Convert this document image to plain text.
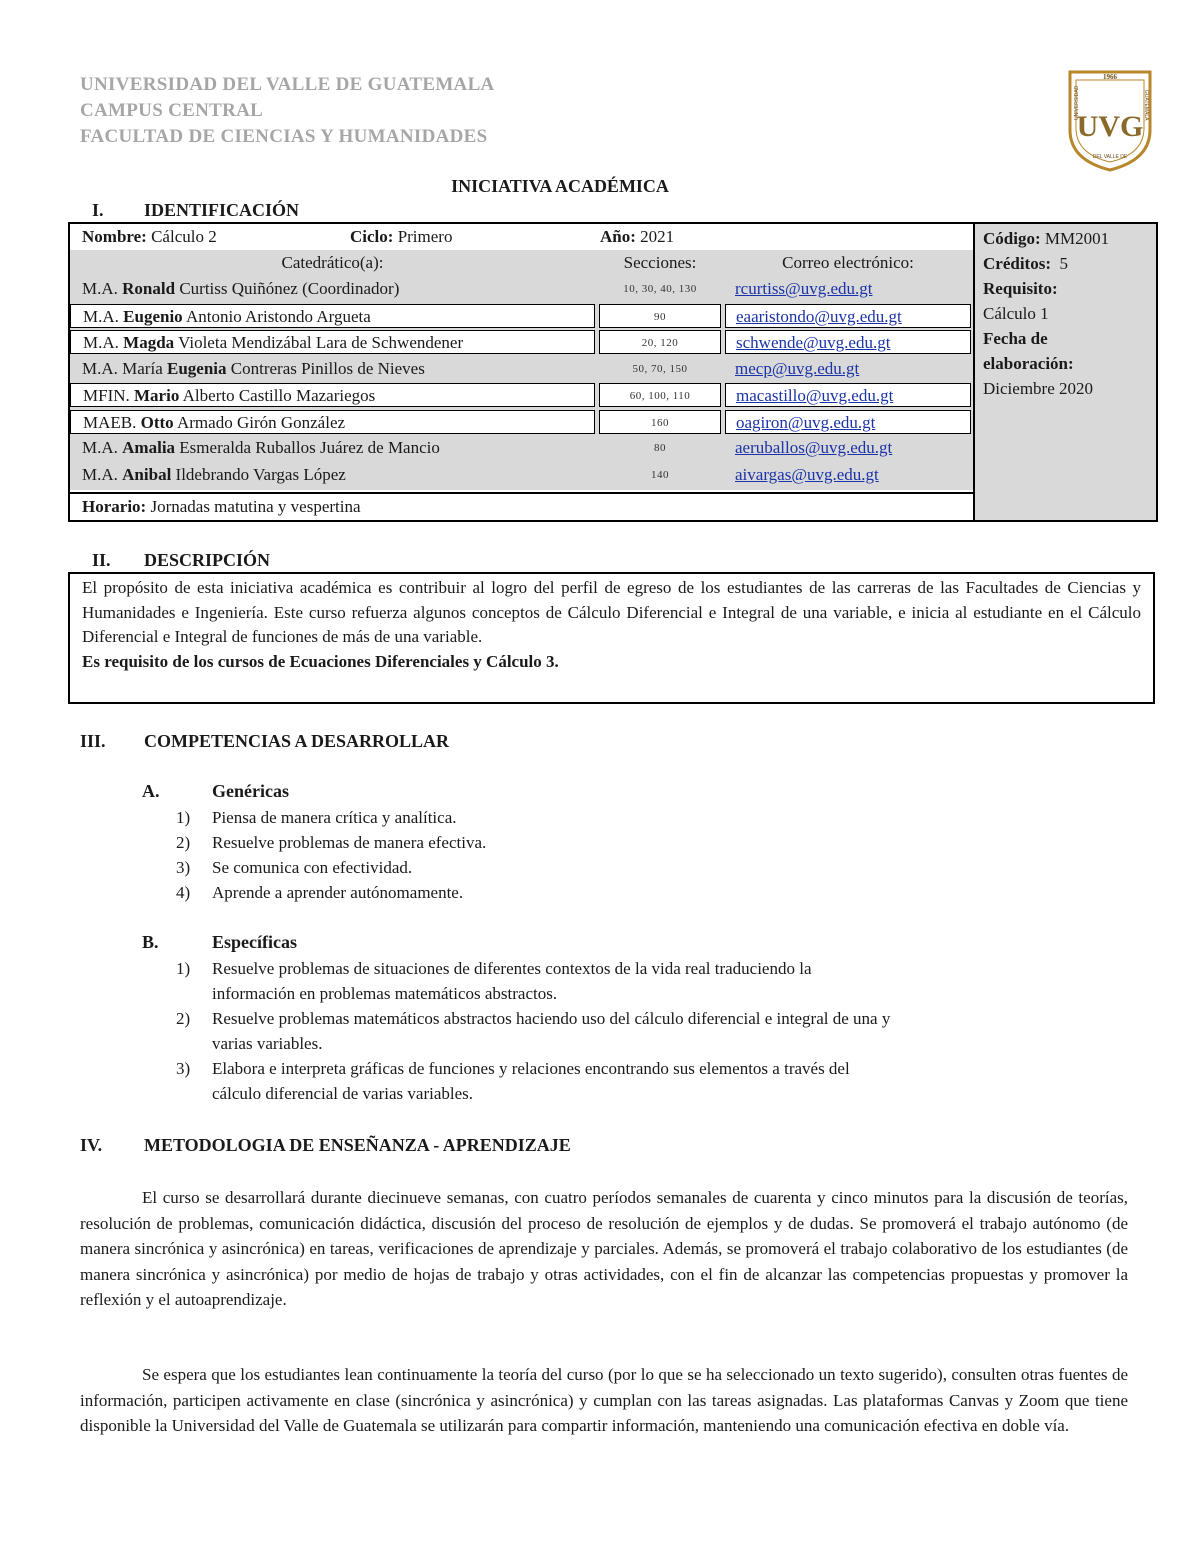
UNIVERSIDAD DEL VALLE DE GUATEMALA
CAMPUS CENTRAL
FACULTAD DE CIENCIAS Y HUMANIDADES
1966
UVG
UNIVERSIDAD	GUATEMALA
DEL VALLE DE
INICIATIVA ACADÉMICA
I. IDENTIFICACIÓN
Nombre: Cálculo 2	Ciclo: Primero	Año: 2021
Catedrático(a):	Secciones:	Correo electrónico:
M.A. Ronald Curtiss Quiñónez (Coordinador)	10, 30, 40, 130	rcurtiss@uvg.edu.gt
M.A. Eugenio Antonio Aristondo Argueta	90	eaaristondo@uvg.edu.gt
M.A. Magda Violeta Mendizábal Lara de Schwendener	20, 120	schwende@uvg.edu.gt
M.A. María Eugenia Contreras Pinillos de Nieves	50, 70, 150	mecp@uvg.edu.gt
MFIN. Mario Alberto Castillo Mazariegos	60, 100, 110	macastillo@uvg.edu.gt
MAEB. Otto Armado Girón González	160	oagiron@uvg.edu.gt
M.A. Amalia Esmeralda Ruballos Juárez de Mancio	80	aeruballos@uvg.edu.gt
M.A. Anibal Ildebrando Vargas López	140	aivargas@uvg.edu.gt
Horario: Jornadas matutina y vespertina
Código: MM2001
Créditos: 5
Requisito:
Cálculo 1
Fecha de
elaboración:
Diciembre 2020
II. DESCRIPCIÓN
El propósito de esta iniciativa académica es contribuir al logro del perfil de egreso de los estudiantes de las carreras de las Facultades de Ciencias y Humanidades e Ingeniería. Este curso refuerza algunos conceptos de Cálculo Diferencial e Integral de una variable, e inicia al estudiante en el Cálculo Diferencial e Integral de funciones de más de una variable.
Es requisito de los cursos de Ecuaciones Diferenciales y Cálculo 3.
III. COMPETENCIAS A DESARROLLAR
A.	Genéricas
1) Piensa de manera crítica y analítica.
2) Resuelve problemas de manera efectiva.
3) Se comunica con efectividad.
4) Aprende a aprender autónomamente.
B.	Específicas
1) Resuelve problemas de situaciones de diferentes contextos de la vida real traduciendo la
información en problemas matemáticos abstractos.
2) Resuelve problemas matemáticos abstractos haciendo uso del cálculo diferencial e integral de una y
varias variables.
3) Elabora e interpreta gráficas de funciones y relaciones encontrando sus elementos a través del
cálculo diferencial de varias variables.
IV. METODOLOGIA DE ENSEÑANZA - APRENDIZAJE
El curso se desarrollará durante diecinueve semanas, con cuatro períodos semanales de cuarenta y cinco minutos para la discusión de teorías, resolución de problemas, comunicación didáctica, discusión del proceso de resolución de ejemplos y de dudas. Se promoverá el trabajo autónomo (de manera sincrónica y asincrónica) en tareas, verificaciones de aprendizaje y parciales. Además, se promoverá el trabajo colaborativo de los estudiantes (de manera sincrónica y asincrónica) por medio de hojas de trabajo y otras actividades, con el fin de alcanzar las competencias propuestas y promover la reflexión y el autoaprendizaje.
Se espera que los estudiantes lean continuamente la teoría del curso (por lo que se ha seleccionado un texto sugerido), consulten otras fuentes de información, participen activamente en clase (sincrónica y asincrónica) y cumplan con las tareas asignadas. Las plataformas Canvas y Zoom que tiene disponible la Universidad del Valle de Guatemala se utilizarán para compartir información, manteniendo una comunicación efectiva en doble vía.
